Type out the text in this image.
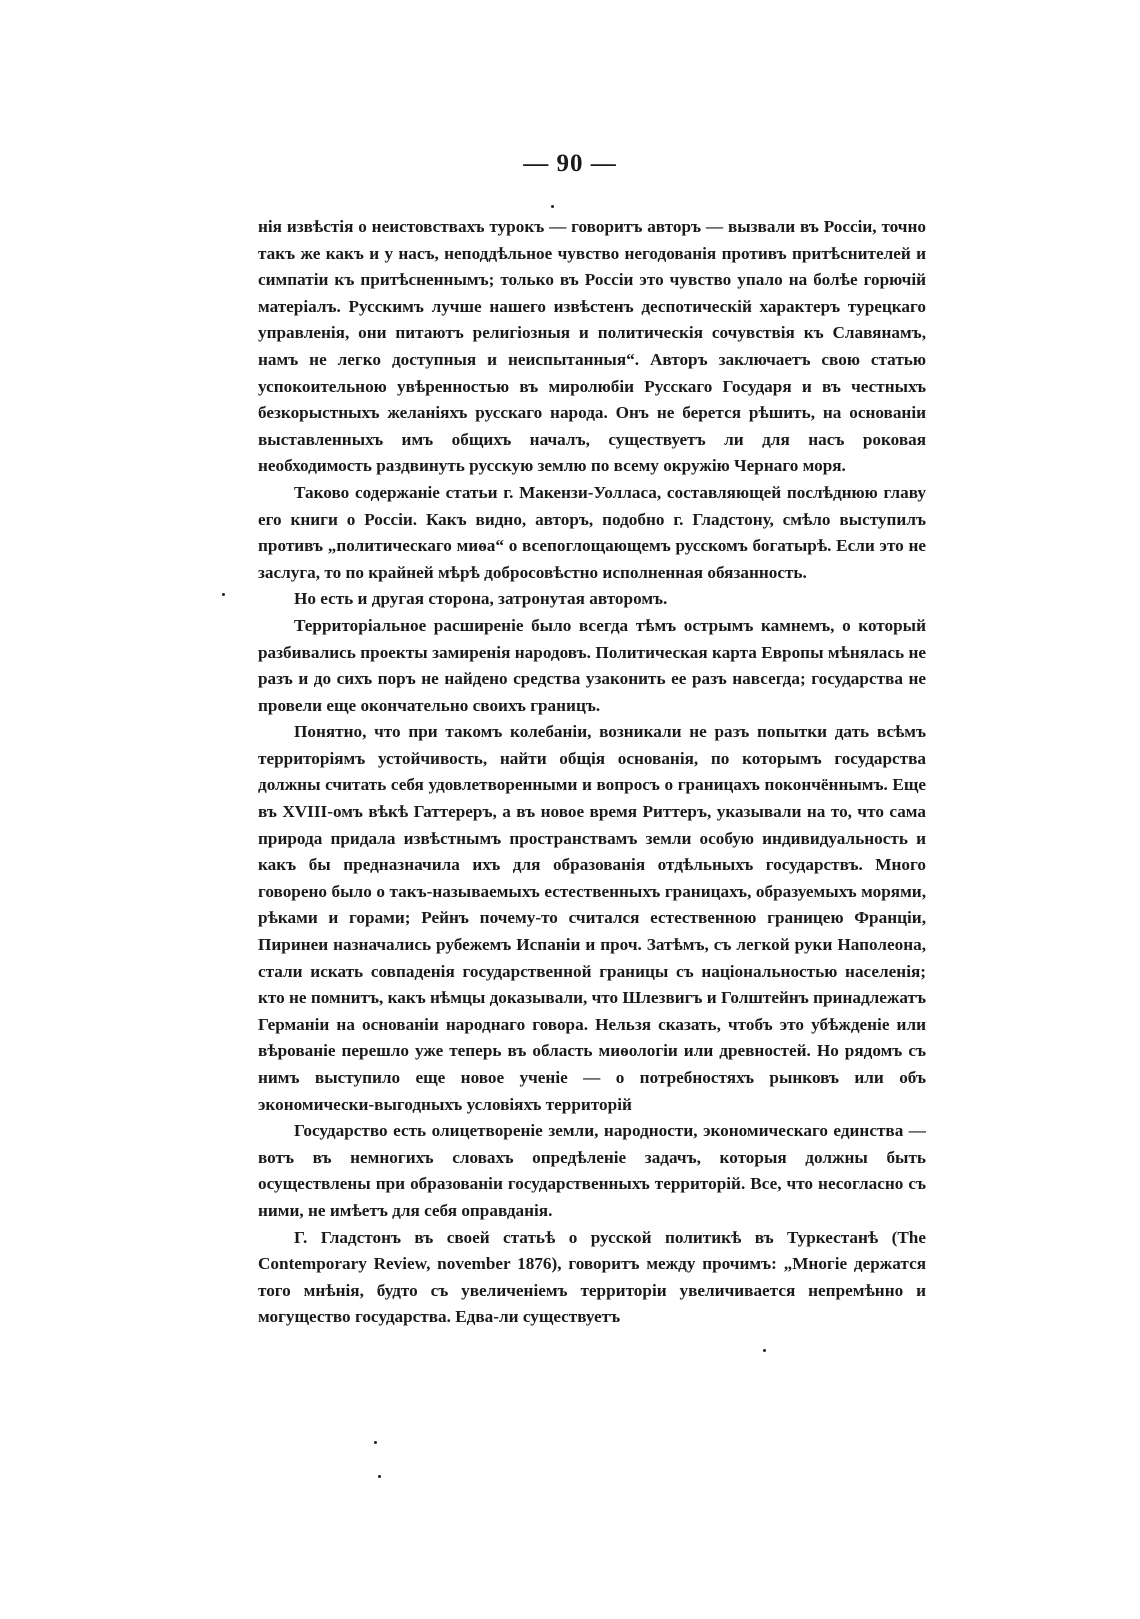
— 90 —

нія извѣстія о неистовствахъ турокъ — говоритъ авторъ — вызвали въ Россіи, точно такъ же какъ и у насъ, неподдѣльное чувство негодованія противъ притѣснителей и симпатіи къ притѣсненнымъ; только въ Россіи это чувство упало на болѣе горючій матеріалъ. Русскимъ лучше нашего извѣстенъ деспотическій характеръ турецкаго управленія, они питаютъ религіозныя и политическія сочувствія къ Славянамъ, намъ не легко доступныя и неиспытанныя“. Авторъ заключаетъ свою статью успокоительною увѣренностью въ миролюбіи Русскаго Государя и въ честныхъ безкорыстныхъ желаніяхъ русскаго народа. Онъ не берется рѣшить, на основаніи выставленныхъ имъ общихъ началъ, существуетъ ли для насъ роковая необходимость раздвинуть русскую землю по всему окружію Чернаго моря.

Таково содержаніе статьи г. Макензи-Уолласа, составляющей послѣднюю главу его книги о Россіи. Какъ видно, авторъ, подобно г. Гладстону, смѣло выступилъ противъ „политическаго миѳа“ о всепоглощающемъ русскомъ богатырѣ. Если это не заслуга, то по крайней мѣрѣ добросовѣстно исполненная обязанность.

Но есть и другая сторона, затронутая авторомъ.

Территоріальное расширеніе было всегда тѣмъ острымъ камнемъ, о который разбивались проекты замиренія народовъ. Политическая карта Европы мѣнялась не разъ и до сихъ поръ не найдено средства узаконить ее разъ навсегда; государства не провели еще окончательно своихъ границъ.

Понятно, что при такомъ колебаніи, возникали не разъ попытки дать всѣмъ территоріямъ устойчивость, найти общія основанія, по которымъ государства должны считать себя удовлетворенными и вопросъ о границахъ покончённымъ. Еще въ XVIII-омъ вѣкѣ Гаттереръ, а въ новое время Риттеръ, указывали на то, что сама природа придала извѣстнымъ пространствамъ земли особую индивидуальность и какъ бы предназначила ихъ для образованія отдѣльныхъ государствъ. Много говорено было о такъ-называемыхъ естественныхъ границахъ, образуемыхъ морями, рѣками и горами; Рейнъ почему-то считался естественною границею Франціи, Пиринеи назначались рубежемъ Испаніи и проч. Затѣмъ, съ легкой руки Наполеона, стали искать совпаденія государственной границы съ національностью населенія; кто не помнитъ, какъ нѣмцы доказывали, что Шлезвигъ и Голштейнъ принадлежатъ Германіи на основаніи народнаго говора. Нельзя сказать, чтобъ это убѣжденіе или вѣрованіе перешло уже теперь въ область миѳологіи или древностей. Но рядомъ съ нимъ выступило еще новое ученіе — о потребностяхъ рынковъ или объ экономически-выгодныхъ условіяхъ территорій

Государство есть олицетвореніе земли, народности, экономическаго единства — вотъ въ немногихъ словахъ опредѣленіе задачъ, которыя должны быть осуществлены при образованіи государственныхъ территорій. Все, что несогласно съ ними, не имѣетъ для себя оправданія.

Г. Гладстонъ въ своей статьѣ о русской политикѣ въ Туркестанѣ (The Contemporary Review, november 1876), говоритъ между прочимъ: „Многіе держатся того мнѣнія, будто съ увеличеніемъ территоріи увеличивается непремѣнно и могущество государства. Едва-ли существуетъ
